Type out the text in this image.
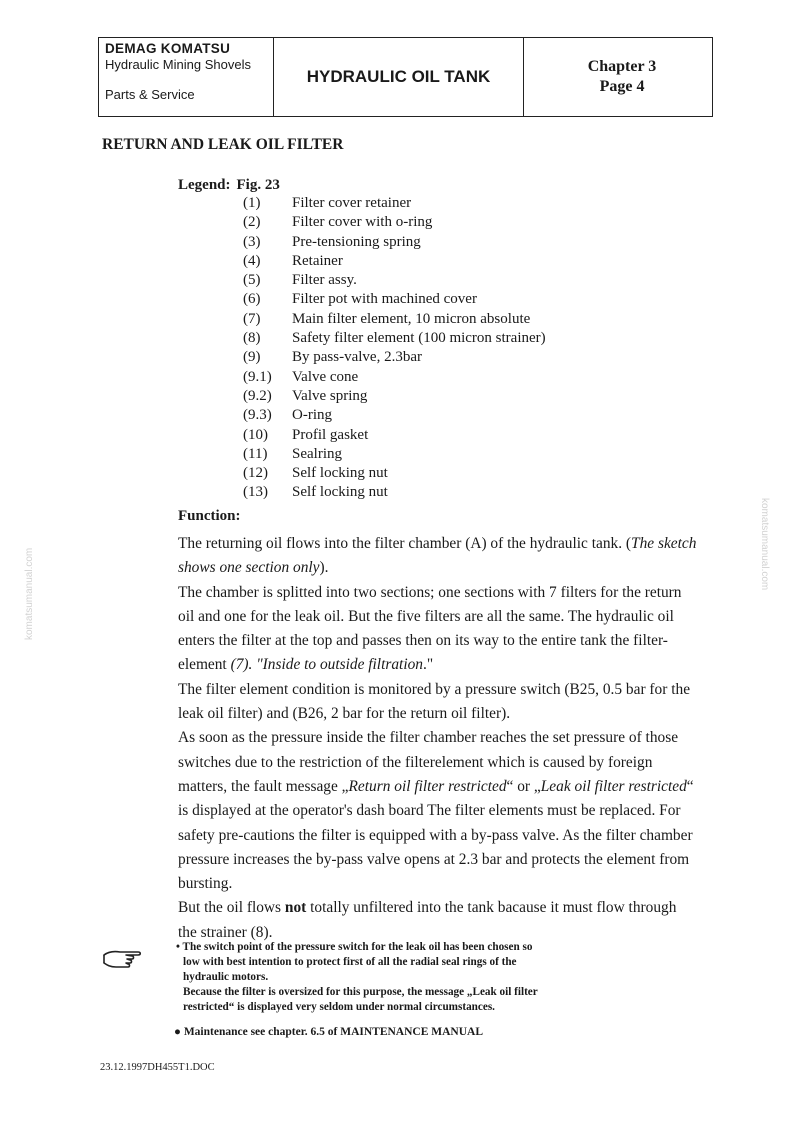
DEMAG KOMATSU
Hydraulic Mining Shovels
Parts & Service
HYDRAULIC OIL TANK
Chapter 3
Page 4
RETURN AND LEAK OIL FILTER
Legend: Fig. 23
(1)	Filter cover retainer
(2)	Filter cover with o-ring
(3)	Pre-tensioning spring
(4)	Retainer
(5)	Filter assy.
(6)	Filter pot with machined cover
(7)	Main filter element, 10 micron absolute
(8)	Safety filter element (100 micron strainer)
(9)	By pass-valve, 2.3bar
(9.1)	Valve cone
(9.2)	Valve spring
(9.3)	O-ring
(10)	Profil gasket
(11)	Sealring
(12)	Self locking nut
(13)	Self locking nut
Function:

The returning oil flows into the filter chamber (A) of the hydraulic tank. (The sketch shows one section only).

The chamber is splitted into two sections; one sections with 7 filters for the return oil and one for the leak oil. But the five filters are all the same. The hydraulic oil enters the filter at the top and passes then on its way to the entire tank the filter-element (7). "Inside to outside filtration."

The filter element condition is monitored by a pressure switch (B25, 0.5 bar for the leak oil filter) and (B26, 2 bar for the return oil filter).

As soon as the pressure inside the filter chamber reaches the set pressure of those switches due to the restriction of the filterelement which is caused by foreign matters, the fault message „Return oil filter restricted“ or „Leak oil filter restricted“ is displayed at the operator's dash board The filter elements must be replaced. For safety pre-cautions the filter is equipped with a by-pass valve. As the filter chamber pressure increases the by-pass valve opens at 2.3 bar and protects the element from bursting.

But the oil flows not totally unfiltered into the tank bacause it must flow through the strainer (8).

• The switch point of the pressure switch for the leak oil has been chosen so
low with best intention to protect first of all the radial seal rings of the
hydraulic motors.
Because the filter is oversized for this purpose, the message „Leak oil filter
restricted“ is displayed very seldom under normal circumstances.
● Maintenance see chapter. 6.5 of MAINTENANCE MANUAL
23.12.1997DH455T1.DOC
komatsumanual.com
komatsumanual.com
